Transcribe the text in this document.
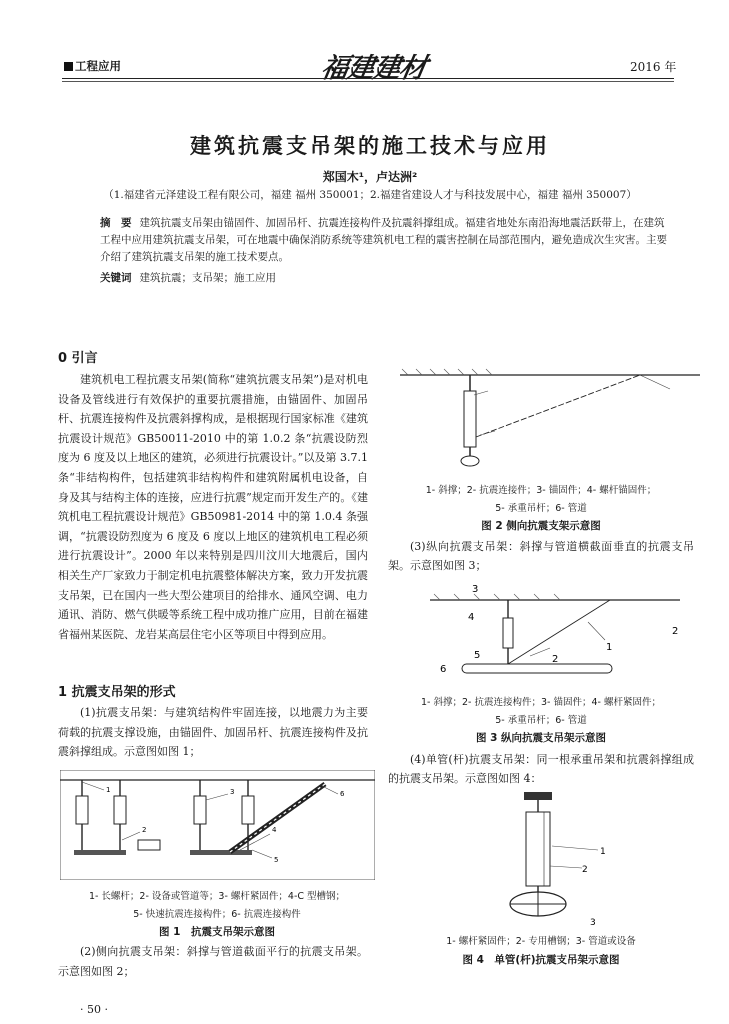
工程应用	福建建材	2016 年
建筑抗震支吊架的施工技术与应用
郑国木¹，卢达洲²
（1.福建省元泽建设工程有限公司，福建 福州 350001；2.福建省建设人才与科技发展中心，福建 福州 350007）
摘　要 建筑抗震支吊架由锚固件、加固吊杆、抗震连接构件及抗震斜撑组成。福建省地处东南沿海地震活跃带上，在建筑工程中应用建筑抗震支吊架，可在地震中确保消防系统等建筑机电工程的震害控制在局部范围内，避免造成次生灾害。主要介绍了建筑抗震支吊架的施工技术要点。
关键词 建筑抗震；支吊架；施工应用
0 引言

建筑机电工程抗震支吊架(简称“建筑抗震支吊架”)是对机电设备及管线进行有效保护的重要抗震措施，由锚固件、加固吊杆、抗震连接构件及抗震斜撑构成，是根据现行国家标准《建筑抗震设计规范》GB50011-2010 中的第 1.0.2 条“抗震设防烈度为 6 度及以上地区的建筑，必须进行抗震设计。”以及第 3.7.1 条“非结构构件，包括建筑非结构构件和建筑附属机电设备，自身及其与结构主体的连接，应进行抗震”规定而开发生产的。《建筑机电工程抗震设计规范》GB50981-2014 中的第 1.0.4 条强调，“抗震设防烈度为 6 度及 6 度以上地区的建筑机电工程必须进行抗震设计”。2000 年以来特别是四川汶川大地震后，国内相关生产厂家致力于制定机电抗震整体解决方案，致力开发抗震支吊架，已在国内一些大型公建项目的给排水、通风空调、电力通讯、消防、燃气供暖等系统工程中成功推广应用，目前在福建省福州某医院、龙岩某高层住宅小区等项目中得到应用。

1 抗震支吊架的形式

(1)抗震支吊架：与建筑结构件牢固连接，以地震力为主要荷载的抗震支撑设施，由锚固件、加固吊杆、抗震连接构件及抗震斜撑组成。示意图如图 1；

1
2
3
4
5
6
1- 长螺杆；2- 设备或管道等；3- 螺杆紧固件；4-C 型槽钢；
5- 快速抗震连接构件；6- 抗震连接构件
图 1　抗震支吊架示意图

(2)侧向抗震支吊架：斜撑与管道截面平行的抗震支吊架。示意图如图 2；

1- 斜撑；2- 抗震连接件；3- 锚固件；4- 螺杆锚固件；
5- 承重吊杆；6- 管道
图 2 侧向抗震支架示意图

(3)纵向抗震支吊架：斜撑与管道横截面垂直的抗震支吊架。示意图如图 3；

3
4
5
6
2
2
1
1- 斜撑；2- 抗震连接构件；3- 锚固件；4- 螺杆紧固件；
5- 承重吊杆；6- 管道
图 3 纵向抗震支吊架示意图

(4)单管(杆)抗震支吊架：同一根承重吊架和抗震斜撑组成的抗震支吊架。示意图如图 4：

1
2
3
1- 螺杆紧固件；2- 专用槽钢；3- 管道或设备
图 4　单管(杆)抗震支吊架示意图
· 50 ·
